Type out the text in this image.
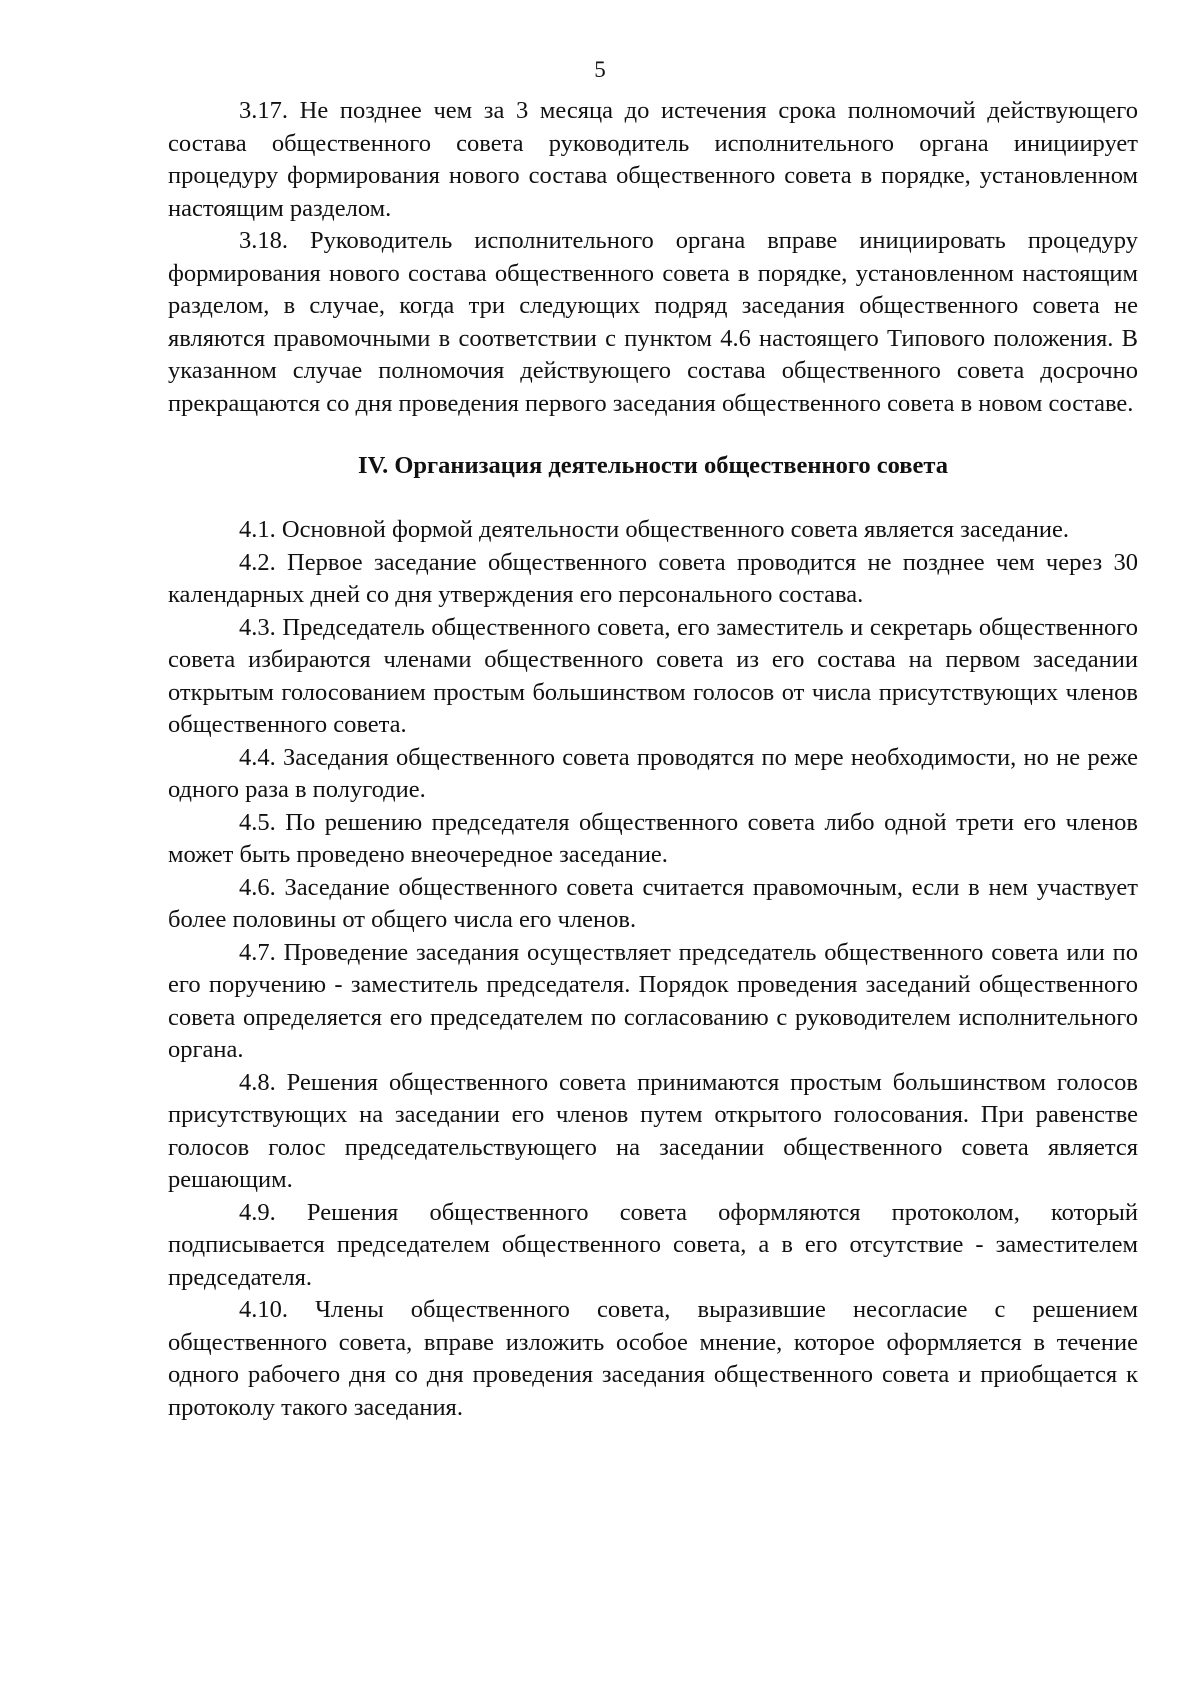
5

3.17. Не позднее чем за 3 месяца до истечения срока полномочий действующего состава общественного совета руководитель исполнительного органа инициирует процедуру формирования нового состава общественного совета в порядке, установленном настоящим разделом.

3.18. Руководитель исполнительного органа вправе инициировать процедуру формирования нового состава общественного совета в порядке, установленном настоящим разделом, в случае, когда три следующих подряд заседания общественного совета не являются правомочными в соответствии с пунктом 4.6 настоящего Типового положения. В указанном случае полномочия действующего состава общественного совета досрочно прекращаются со дня проведения первого заседания общественного совета в новом составе.

IV. Организация деятельности общественного совета

4.1. Основной формой деятельности общественного совета является заседание.

4.2. Первое заседание общественного совета проводится не позднее чем через 30 календарных дней со дня утверждения его персонального состава.

4.3. Председатель общественного совета, его заместитель и секретарь общественного совета избираются членами общественного совета из его состава на первом заседании открытым голосованием простым большинством голосов от числа присутствующих членов общественного совета.

4.4. Заседания общественного совета проводятся по мере необходимости, но не реже одного раза в полугодие.

4.5. По решению председателя общественного совета либо одной трети его членов может быть проведено внеочередное заседание.

4.6. Заседание общественного совета считается правомочным, если в нем участвует более половины от общего числа его членов.

4.7. Проведение заседания осуществляет председатель общественного совета или по его поручению - заместитель председателя. Порядок проведения заседаний общественного совета определяется его председателем по согласованию с руководителем исполнительного органа.

4.8. Решения общественного совета принимаются простым большинством голосов присутствующих на заседании его членов путем открытого голосования. При равенстве голосов голос председательствующего на заседании общественного совета является решающим.

4.9. Решения общественного совета оформляются протоколом, который подписывается председателем общественного совета, а в его отсутствие - заместителем председателя.

4.10. Члены общественного совета, выразившие несогласие с решением общественного совета, вправе изложить особое мнение, которое оформляется в течение одного рабочего дня со дня проведения заседания общественного совета и приобщается к протоколу такого заседания.
